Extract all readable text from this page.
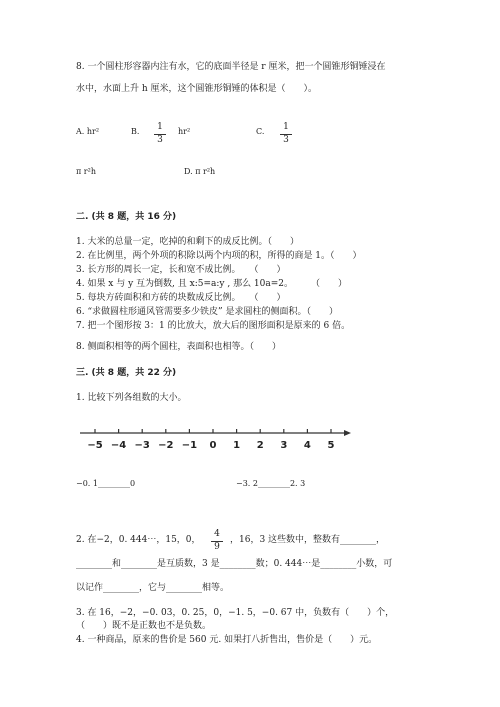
8. 一个圆柱形容器内注有水，它的底面半径是 r 厘米，把一个圆锥形铜锤浸在
水中，水面上升 h 厘米，这个圆锥形铜锤的体积是（　　）。
A. hr²	B.	1
3
hr²	C.	1
3
π r²h	D. π r²h
二. (共 8 题，共 16 分)
1. 大米的总量一定，吃掉的和剩下的成反比例。（　　）
2. 在比例里，两个外项的积除以两个内项的积，所得的商是 1。（　　）
3. 长方形的周长一定，长和宽不成比例。　　（　　）
4. 如果 x 与 y 互为倒数, 且 x:5=a:y , 那么 10a=2。　　　（　　）
5. 每块方砖面积和方砖的块数成反比例。　　（　　）
6. “求做圆柱形通风管需要多少铁皮” 是求圆柱的侧面积。（　　）
7. 把一个图形按 3：1 的比放大，放大后的图形面积是原来的 6 倍。
8. 侧面积相等的两个圆柱，表面积也相等。（　　）
三. (共 8 题，共 22 分)
1. 比较下列各组数的大小。
−5 −4 −3 −2 −1 0 1 2 3 4 5
−0. 1________0	−3. 2________2. 3
2. 在−2，0. 444⋯，15，0，
4
9
，16，3 这些数中，整数有________，
________和________是互质数，3 是________数；0. 444⋯是________小数，可
以记作________，它与________相等。
3. 在 16，−2，−0. 03，0. 25，0，−1. 5，−0. 67 中，负数有（　　）个，
（　　）既不是正数也不是负数。
4. 一种商品，原来的售价是 560 元. 如果打八折售出，售价是（　　）元。
